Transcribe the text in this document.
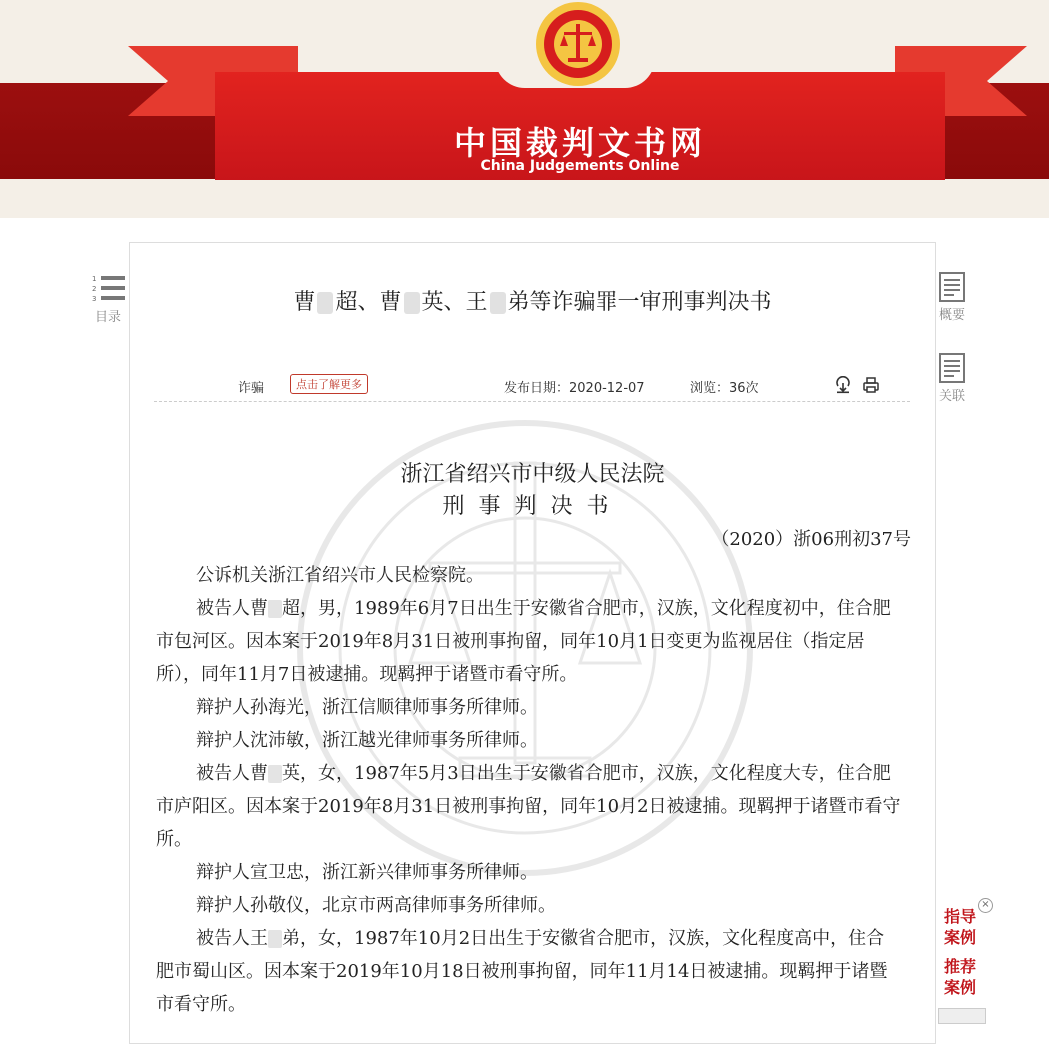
中国裁判文书网
China Judgements Online
1
2
3
目录	概要
关联
曹 超、曹 英、王 弟等诈骗罪一审刑事判决书
诈骗	点击了解更多	发布日期：2020-12-07	浏览：36次
浙江省绍兴市中级人民法院
刑事判决书
（2020）浙06刑初37号

公诉机关浙江省绍兴市人民检察院。

被告人曹 超，男，1989年6月7日出生于安徽省合肥市，汉族，文化程度初中，住合肥市包河区。因本案于2019年8月31日被刑事拘留，同年10月1日变更为监视居住（指定居所），同年11月7日被逮捕。现羁押于诸暨市看守所。

辩护人孙海光，浙江信顺律师事务所律师。

辩护人沈沛敏，浙江越光律师事务所律师。

被告人曹 英，女，1987年5月3日出生于安徽省合肥市，汉族，文化程度大专，住合肥市庐阳区。因本案于2019年8月31日被刑事拘留，同年10月2日被逮捕。现羁押于诸暨市看守所。

辩护人宣卫忠，浙江新兴律师事务所律师。

辩护人孙敬仪，北京市两高律师事务所律师。

被告人王 弟，女，1987年10月2日出生于安徽省合肥市，汉族，文化程度高中，住合肥市蜀山区。因本案于2019年10月18日被刑事拘留，同年11月14日被逮捕。现羁押于诸暨市看守所。

×
指导案例
推荐案例
